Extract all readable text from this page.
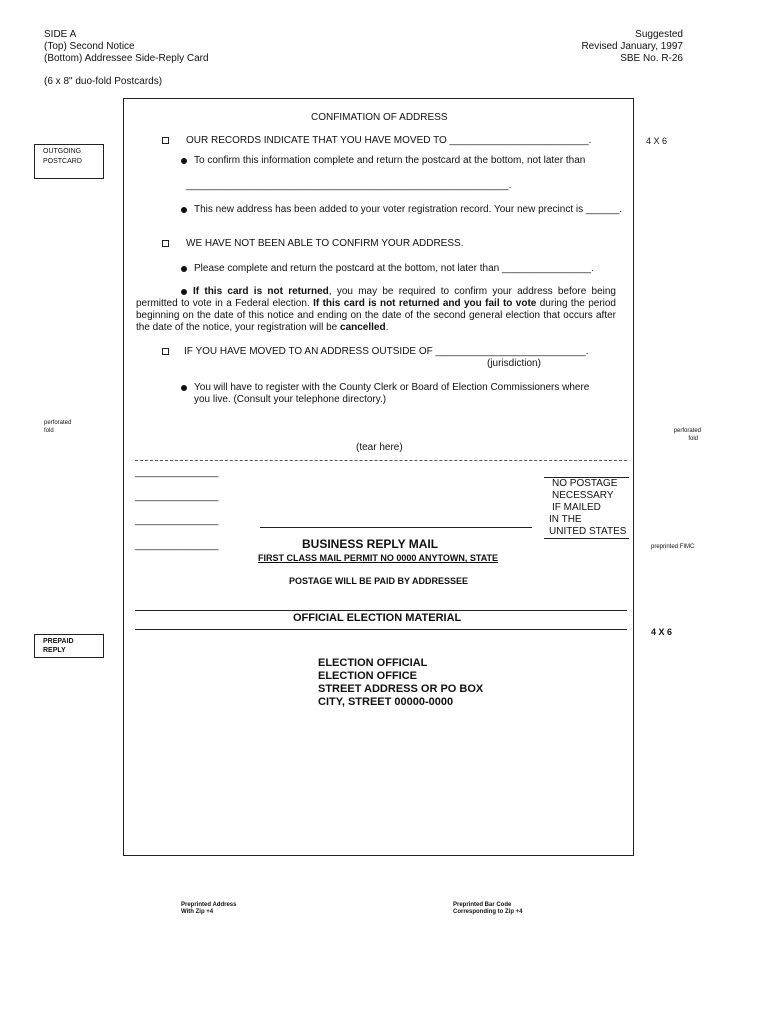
SIDE A
(Top) Second Notice
(Bottom) Addressee Side-Reply Card
(6 x 8" duo-fold Postcards)
Suggested
Revised January, 1997
SBE No. R-26
OUTGOING
POSTCARD
perforated
fold
PREPAID
REPLY
4 X 6
perforated
fold
preprinted FIMC
4 X 6
CONFIMATION OF ADDRESS
OUR RECORDS INDICATE THAT YOU HAVE MOVED TO _________________________.
To confirm this information complete and return the postcard at the bottom, not later than
__________________________________________________________.
This new address has been added to your voter registration record. Your new precinct is ______.
WE HAVE NOT BEEN ABLE TO CONFIRM YOUR ADDRESS.
Please complete and return the postcard at the bottom, not later than ________________.
If this card is not returned, you may be required to confirm your address before being permitted to vote in a Federal election. If this card is not returned and you fail to vote during the period beginning on the date of this notice and ending on the date of the second general election that occurs after the date of the notice, your registration will be cancelled.
IF YOU HAVE MOVED TO AN ADDRESS OUTSIDE OF ___________________________.
(jurisdiction)
You will have to register with the County Clerk or Board of Election Commissioners where
you live. (Consult your telephone directory.)
(tear here)
_______________
_______________
_______________
_______________
NO POSTAGE
NECESSARY
IF MAILED
IN THE
UNITED STATES
BUSINESS REPLY MAIL
FIRST CLASS MAIL PERMIT NO 0000 ANYTOWN, STATE
POSTAGE WILL BE PAID BY ADDRESSEE
OFFICIAL ELECTION MATERIAL
ELECTION OFFICIAL
ELECTION OFFICE
STREET ADDRESS OR PO BOX
CITY, STREET 00000-0000
Preprinted Address
With Zip +4
Preprinted Bar Code
Corresponding to Zip +4
